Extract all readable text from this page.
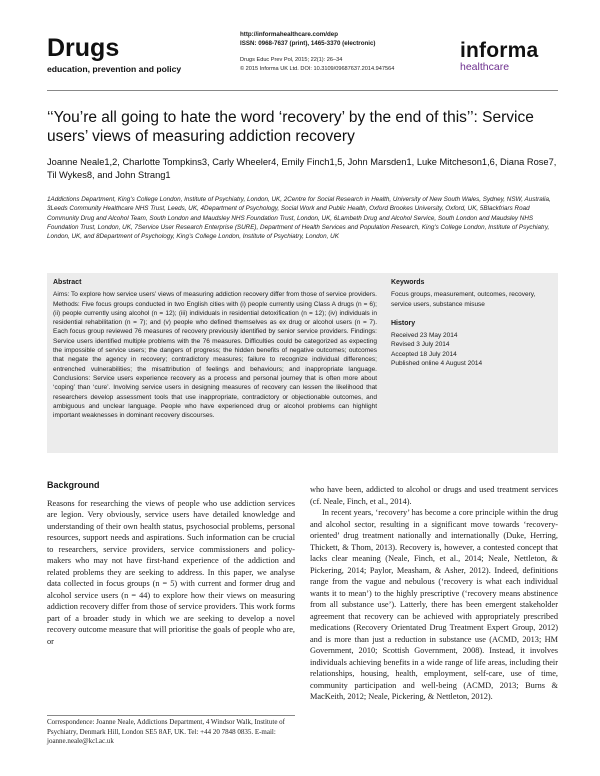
Drugs
education, prevention and policy
http://informahealthcare.com/dep
ISSN: 0968-7637 (print), 1465-3370 (electronic)
Drugs Educ Prev Pol, 2015; 22(1): 26–34
© 2015 Informa UK Ltd. DOI: 10.3109/09687637.2014.947564
informa
healthcare
‘‘You’re all going to hate the word ‘recovery’ by the end of this’’: Service users’ views of measuring addiction recovery
Joanne Neale1,2, Charlotte Tompkins3, Carly Wheeler4, Emily Finch1,5, John Marsden1, Luke Mitcheson1,6, Diana Rose7, Til Wykes8, and John Strang1
1Addictions Department, King’s College London, Institute of Psychiatry, London, UK, 2Centre for Social Research in Health, University of New South Wales, Sydney, NSW, Australia, 3Leeds Community Healthcare NHS Trust, Leeds, UK, 4Department of Psychology, Social Work and Public Health, Oxford Brookes University, Oxford, UK, 5Blackfriars Road Community Drug and Alcohol Team, South London and Maudsley NHS Foundation Trust, London, UK, 6Lambeth Drug and Alcohol Service, South London and Maudsley NHS Foundation Trust, London, UK, 7Service User Research Enterprise (SURE), Department of Health Services and Population Research, King’s College London, Institute of Psychiatry, London, UK, and 8Department of Psychology, King’s College London, Institute of Psychiatry, London, UK
Abstract
Aims: To explore how service users’ views of measuring addiction recovery differ from those of service providers. Methods: Five focus groups conducted in two English cities with (i) people currently using Class A drugs (n = 6); (ii) people currently using alcohol (n = 12); (iii) individuals in residential detoxification (n = 12); (iv) individuals in residential rehabilitation (n = 7); and (v) people who defined themselves as ex drug or alcohol users (n = 7). Each focus group reviewed 76 measures of recovery previously identified by senior service providers. Findings: Service users identified multiple problems with the 76 measures. Difficulties could be categorized as expecting the impossible of service users; the dangers of progress; the hidden benefits of negative outcomes; outcomes that negate the agency in recovery; contradictory measures; failure to recognize individual differences; entrenched vulnerabilities; the misattribution of feelings and behaviours; and inappropriate language. Conclusions: Service users experience recovery as a process and personal journey that is often more about ‘coping’ than ‘cure’. Involving service users in designing measures of recovery can lessen the likelihood that researchers develop assessment tools that use inappropriate, contradictory or objectionable outcomes, and ambiguous and unclear language. People who have experienced drug or alcohol problems can highlight important weaknesses in dominant recovery discourses.
Keywords
Focus groups, measurement, outcomes, recovery, service users, substance misuse
History
Received 23 May 2014
Revised 3 July 2014
Accepted 18 July 2014
Published online 4 August 2014
Background

Reasons for researching the views of people who use addiction services are legion. Very obviously, service users have detailed knowledge and understanding of their own health status, psychosocial problems, personal resources, support needs and aspirations. Such information can be crucial to researchers, service providers, service commissioners and policy-makers who may not have first-hand experience of the addiction and related problems they are seeking to address. In this paper, we analyse data collected in focus groups (n = 5) with current and former drug and alcohol service users (n = 44) to explore how their views on measuring addiction recovery differ from those of service providers. This work forms part of a broader study in which we are seeking to develop a novel recovery outcome measure that will prioritise the goals of people who are, or

who have been, addicted to alcohol or drugs and used treatment services (cf. Neale, Finch, et al., 2014).

In recent years, ‘recovery’ has become a core principle within the drug and alcohol sector, resulting in a significant move towards ‘recovery-oriented’ drug treatment nationally and internationally (Duke, Herring, Thickett, & Thom, 2013). Recovery is, however, a contested concept that lacks clear meaning (Neale, Finch, et al., 2014; Neale, Nettleton, & Pickering, 2014; Paylor, Measham, & Asher, 2012). Indeed, definitions range from the vague and nebulous (‘recovery is what each individual wants it to mean’) to the highly prescriptive (‘recovery means abstinence from all substance use’). Latterly, there has been emergent stakeholder agreement that recovery can be achieved with appropriately prescribed medications (Recovery Orientated Drug Treatment Expert Group, 2012) and is more than just a reduction in substance use (ACMD, 2013; HM Government, 2010; Scottish Government, 2008). Instead, it involves individuals achieving benefits in a wide range of life areas, including their relationships, housing, health, employment, self-care, use of time, community participation and well-being (ACMD, 2013; Burns & MacKeith, 2012; Neale, Pickering, & Nettleton, 2012).

Correspondence: Joanne Neale, Addictions Department, 4 Windsor Walk, Institute of Psychiatry, Denmark Hill, London SE5 8AF, UK. Tel: +44 20 7848 0835. E-mail: joanne.neale@kcl.ac.uk
